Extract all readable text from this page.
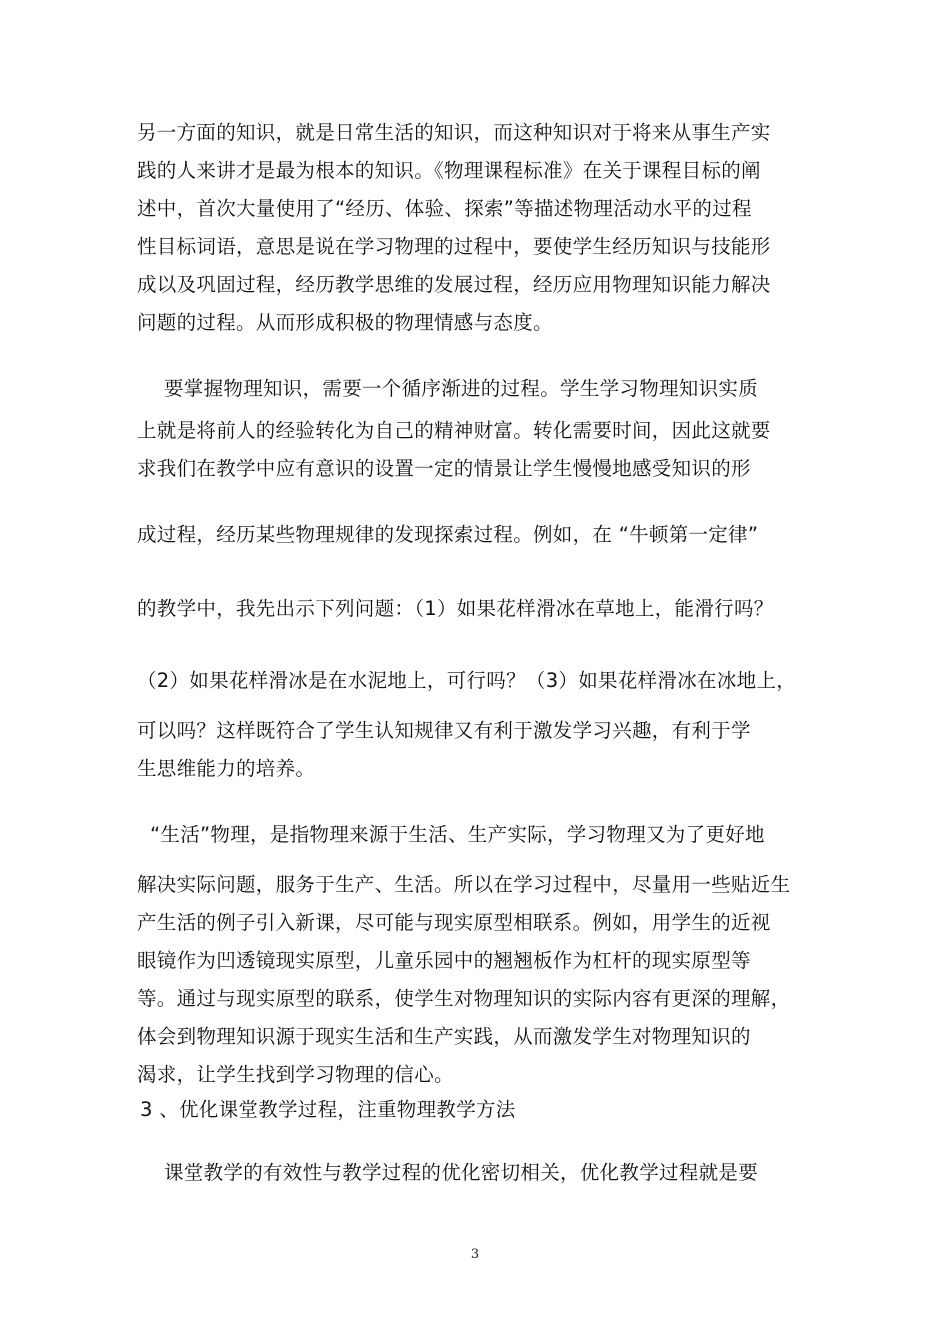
另一方面的知识，就是日常生活的知识，而这种知识对于将来从事生产实
践的人来讲才是最为根本的知识。《物理课程标准》在关于课程目标的阐
述中，首次大量使用了“经历、体验、探索”等描述物理活动水平的过程
性目标词语，意思是说在学习物理的过程中，要使学生经历知识与技能形
成以及巩固过程，经历教学思维的发展过程，经历应用物理知识能力解决
问题的过程。从而形成积极的物理情感与态度。
要掌握物理知识，需要一个循序渐进的过程。学生学习物理知识实质
上就是将前人的经验转化为自己的精神财富。转化需要时间，因此这就要
求我们在教学中应有意识的设置一定的情景让学生慢慢地感受知识的形
成过程，经历某些物理规律的发现探索过程。例如，在 “牛顿第一定律”
的教学中，我先出示下列问题：（1）如果花样滑冰在草地上，能滑行吗？
（2）如果花样滑冰是在水泥地上，可行吗？（3）如果花样滑冰在冰地上，
可以吗？这样既符合了学生认知规律又有利于激发学习兴趣，有利于学
生思维能力的培养。
“生活”物理，是指物理来源于生活、生产实际，学习物理又为了更好地
解决实际问题，服务于生产、生活。所以在学习过程中，尽量用一些贴近生
产生活的例子引入新课，尽可能与现实原型相联系。例如，用学生的近视
眼镜作为凹透镜现实原型，儿童乐园中的翘翘板作为杠杆的现实原型等
等。通过与现实原型的联系，使学生对物理知识的实际内容有更深的理解，
体会到物理知识源于现实生活和生产实践，从而激发学生对物理知识的
渴求，让学生找到学习物理的信心。
3 、优化课堂教学过程，注重物理教学方法
课堂教学的有效性与教学过程的优化密切相关，优化教学过程就是要
3
